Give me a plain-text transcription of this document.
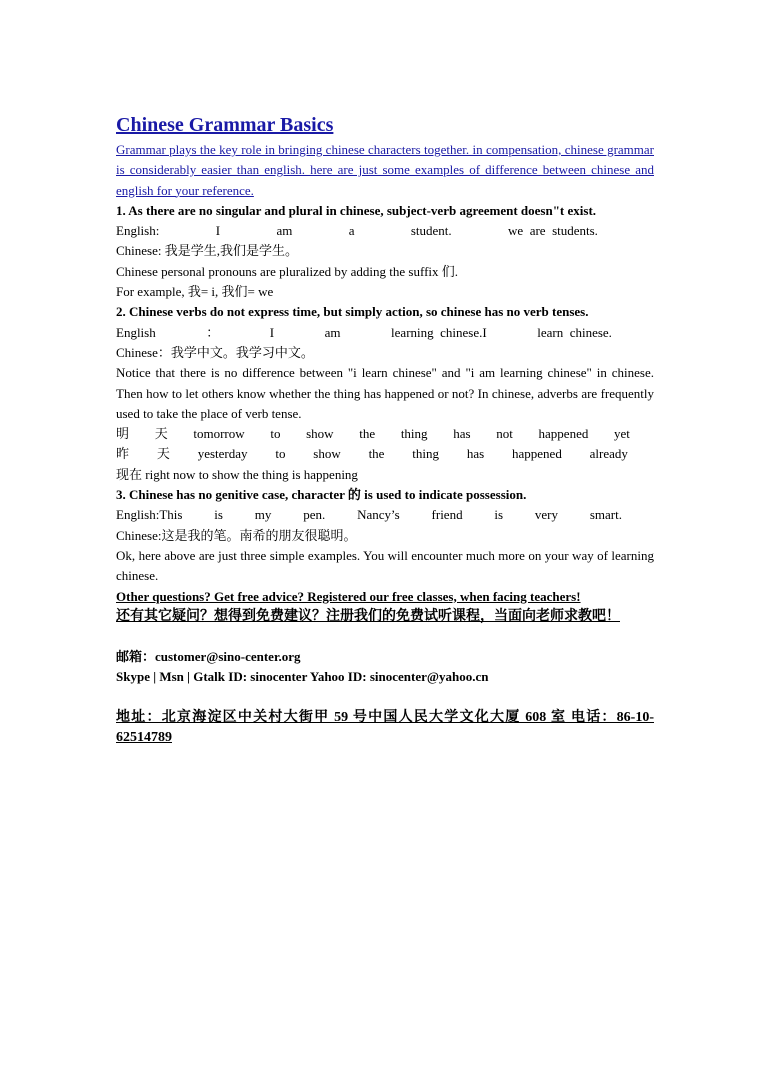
Chinese Grammar Basics

Grammar plays the key role in bringing chinese characters together. in compensation, chinese grammar is considerably easier than english. here are just some examples of difference between chinese and english for your reference.

1. As there are no singular and plural in chinese, subject-verb agreement doesn"t exist.

English:	I	am	a	student.	we  are  students.

Chinese: 我是学生,我们是学生。

Chinese personal pronouns are pluralized by adding the suffix 们.

For example, 我= i, 我们= we

2. Chinese verbs do not express time, but simply action, so chinese has no verb tenses.

English	：	I	am	learning  chinese.I	learn  chinese.

Chinese：我学中文。我学习中文。

Notice that there is no difference between "i learn chinese" and "i am learning chinese" in chinese. Then how to let others know whether the thing has happened or not? In chinese, adverbs are frequently used to take the place of verb tense.

明 天 tomorrow to show the thing has not happened yet
昨 天 yesterday to show the thing has happened already

现在 right now to show the thing is happening

3. Chinese has no genitive case, character 的 is used to indicate possession.

English:This is my pen. Nancy’s friend is very smart.

Chinese:这是我的笔。南希的朋友很聪明。

Ok, here above are just three simple examples. You will encounter much more on your way of learning chinese.

Other questions? Get free advice? Registered our free classes, when facing teachers!

还有其它疑问？想得到免费建议？注册我们的免费试听课程，当面向老师求教吧！

邮箱：customer@sino-center.org

Skype | Msn | Gtalk ID: sinocenter Yahoo ID: sinocenter@yahoo.cn

地址：北京海淀区中关村大街甲 59 号中国人民大学文化大厦 608 室 电话：86-10-62514789
